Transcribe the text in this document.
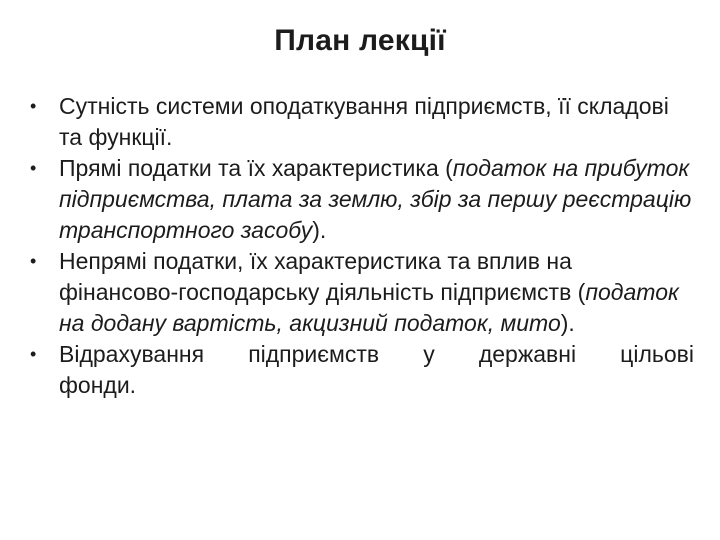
План лекції
• Сутність системи оподаткування підприємств, її складові та функції.
• Прямі податки та їх характеристика (податок на прибуток підприємства, плата за землю, збір за першу реєстрацію транспортного засобу).
• Непрямі податки, їх характеристика та вплив на фінансово-господарську діяльність підприємств (податок на додану вартість, акцизний податок, мито).
• Відрахування підприємств у державні цільові
фонди.
